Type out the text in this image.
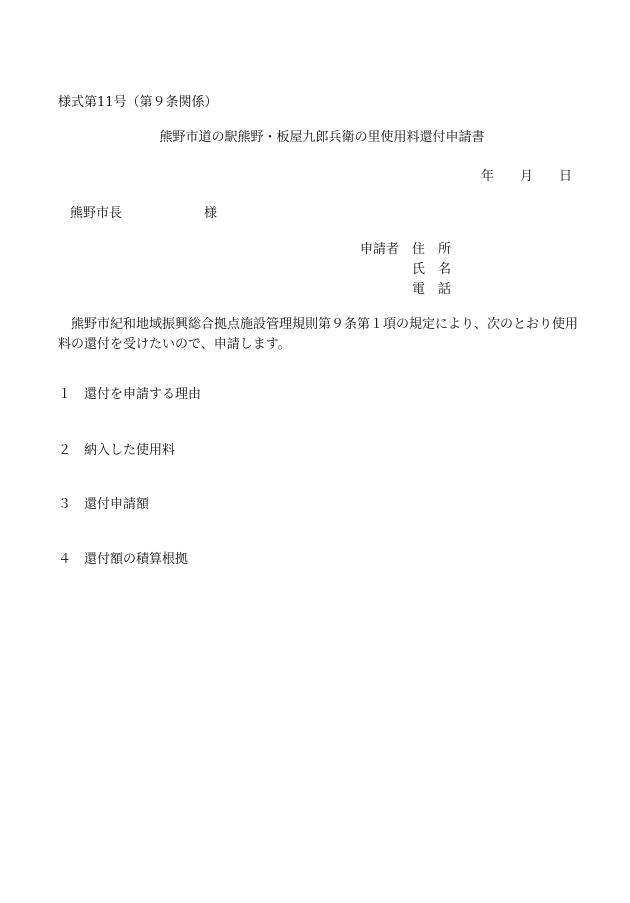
様式第11号（第９条関係）
熊野市道の駅熊野・板屋九郎兵衛の里使用料還付申請書
年 月 日
熊野市長	様
申請者 住 所
氏 名
電 話
熊野市紀和地域振興総合拠点施設管理規則第９条第１項の規定により、次のとおり使用料の還付を受けたいので、申請します。
１ 還付を申請する理由
２ 納入した使用料
３ 還付申請額
４ 還付額の積算根拠
